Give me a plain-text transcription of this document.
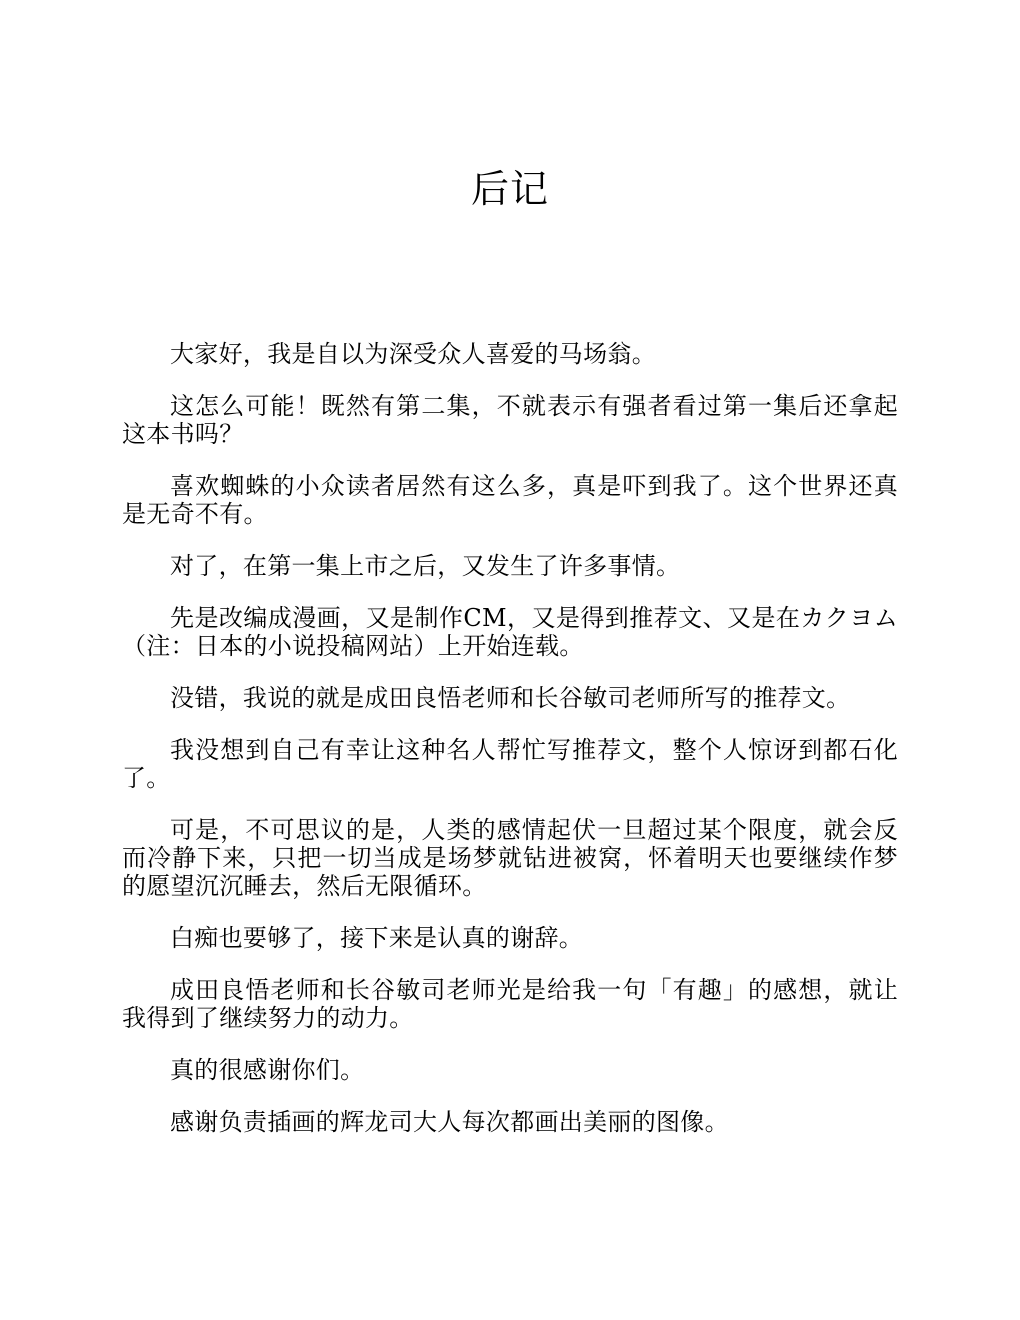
后记

大家好，我是自以为深受众人喜爱的马场翁。

这怎么可能！既然有第二集，不就表示有强者看过第一集后还拿起这本书吗？

喜欢蜘蛛的小众读者居然有这么多，真是吓到我了。这个世界还真是无奇不有。

对了，在第一集上市之后，又发生了许多事情。

先是改编成漫画，又是制作CM，又是得到推荐文、又是在カクヨム（注：日本的小说投稿网站）上开始连载。

没错，我说的就是成田良悟老师和长谷敏司老师所写的推荐文。

我没想到自己有幸让这种名人帮忙写推荐文，整个人惊讶到都石化了。

可是，不可思议的是，人类的感情起伏一旦超过某个限度，就会反而冷静下来，只把一切当成是场梦就钻进被窝，怀着明天也要继续作梦的愿望沉沉睡去，然后无限循环。

白痴也要够了，接下来是认真的谢辞。

成田良悟老师和长谷敏司老师光是给我一句「有趣」的感想，就让我得到了继续努力的动力。

真的很感谢你们。

感谢负责插画的辉龙司大人每次都画出美丽的图像。
